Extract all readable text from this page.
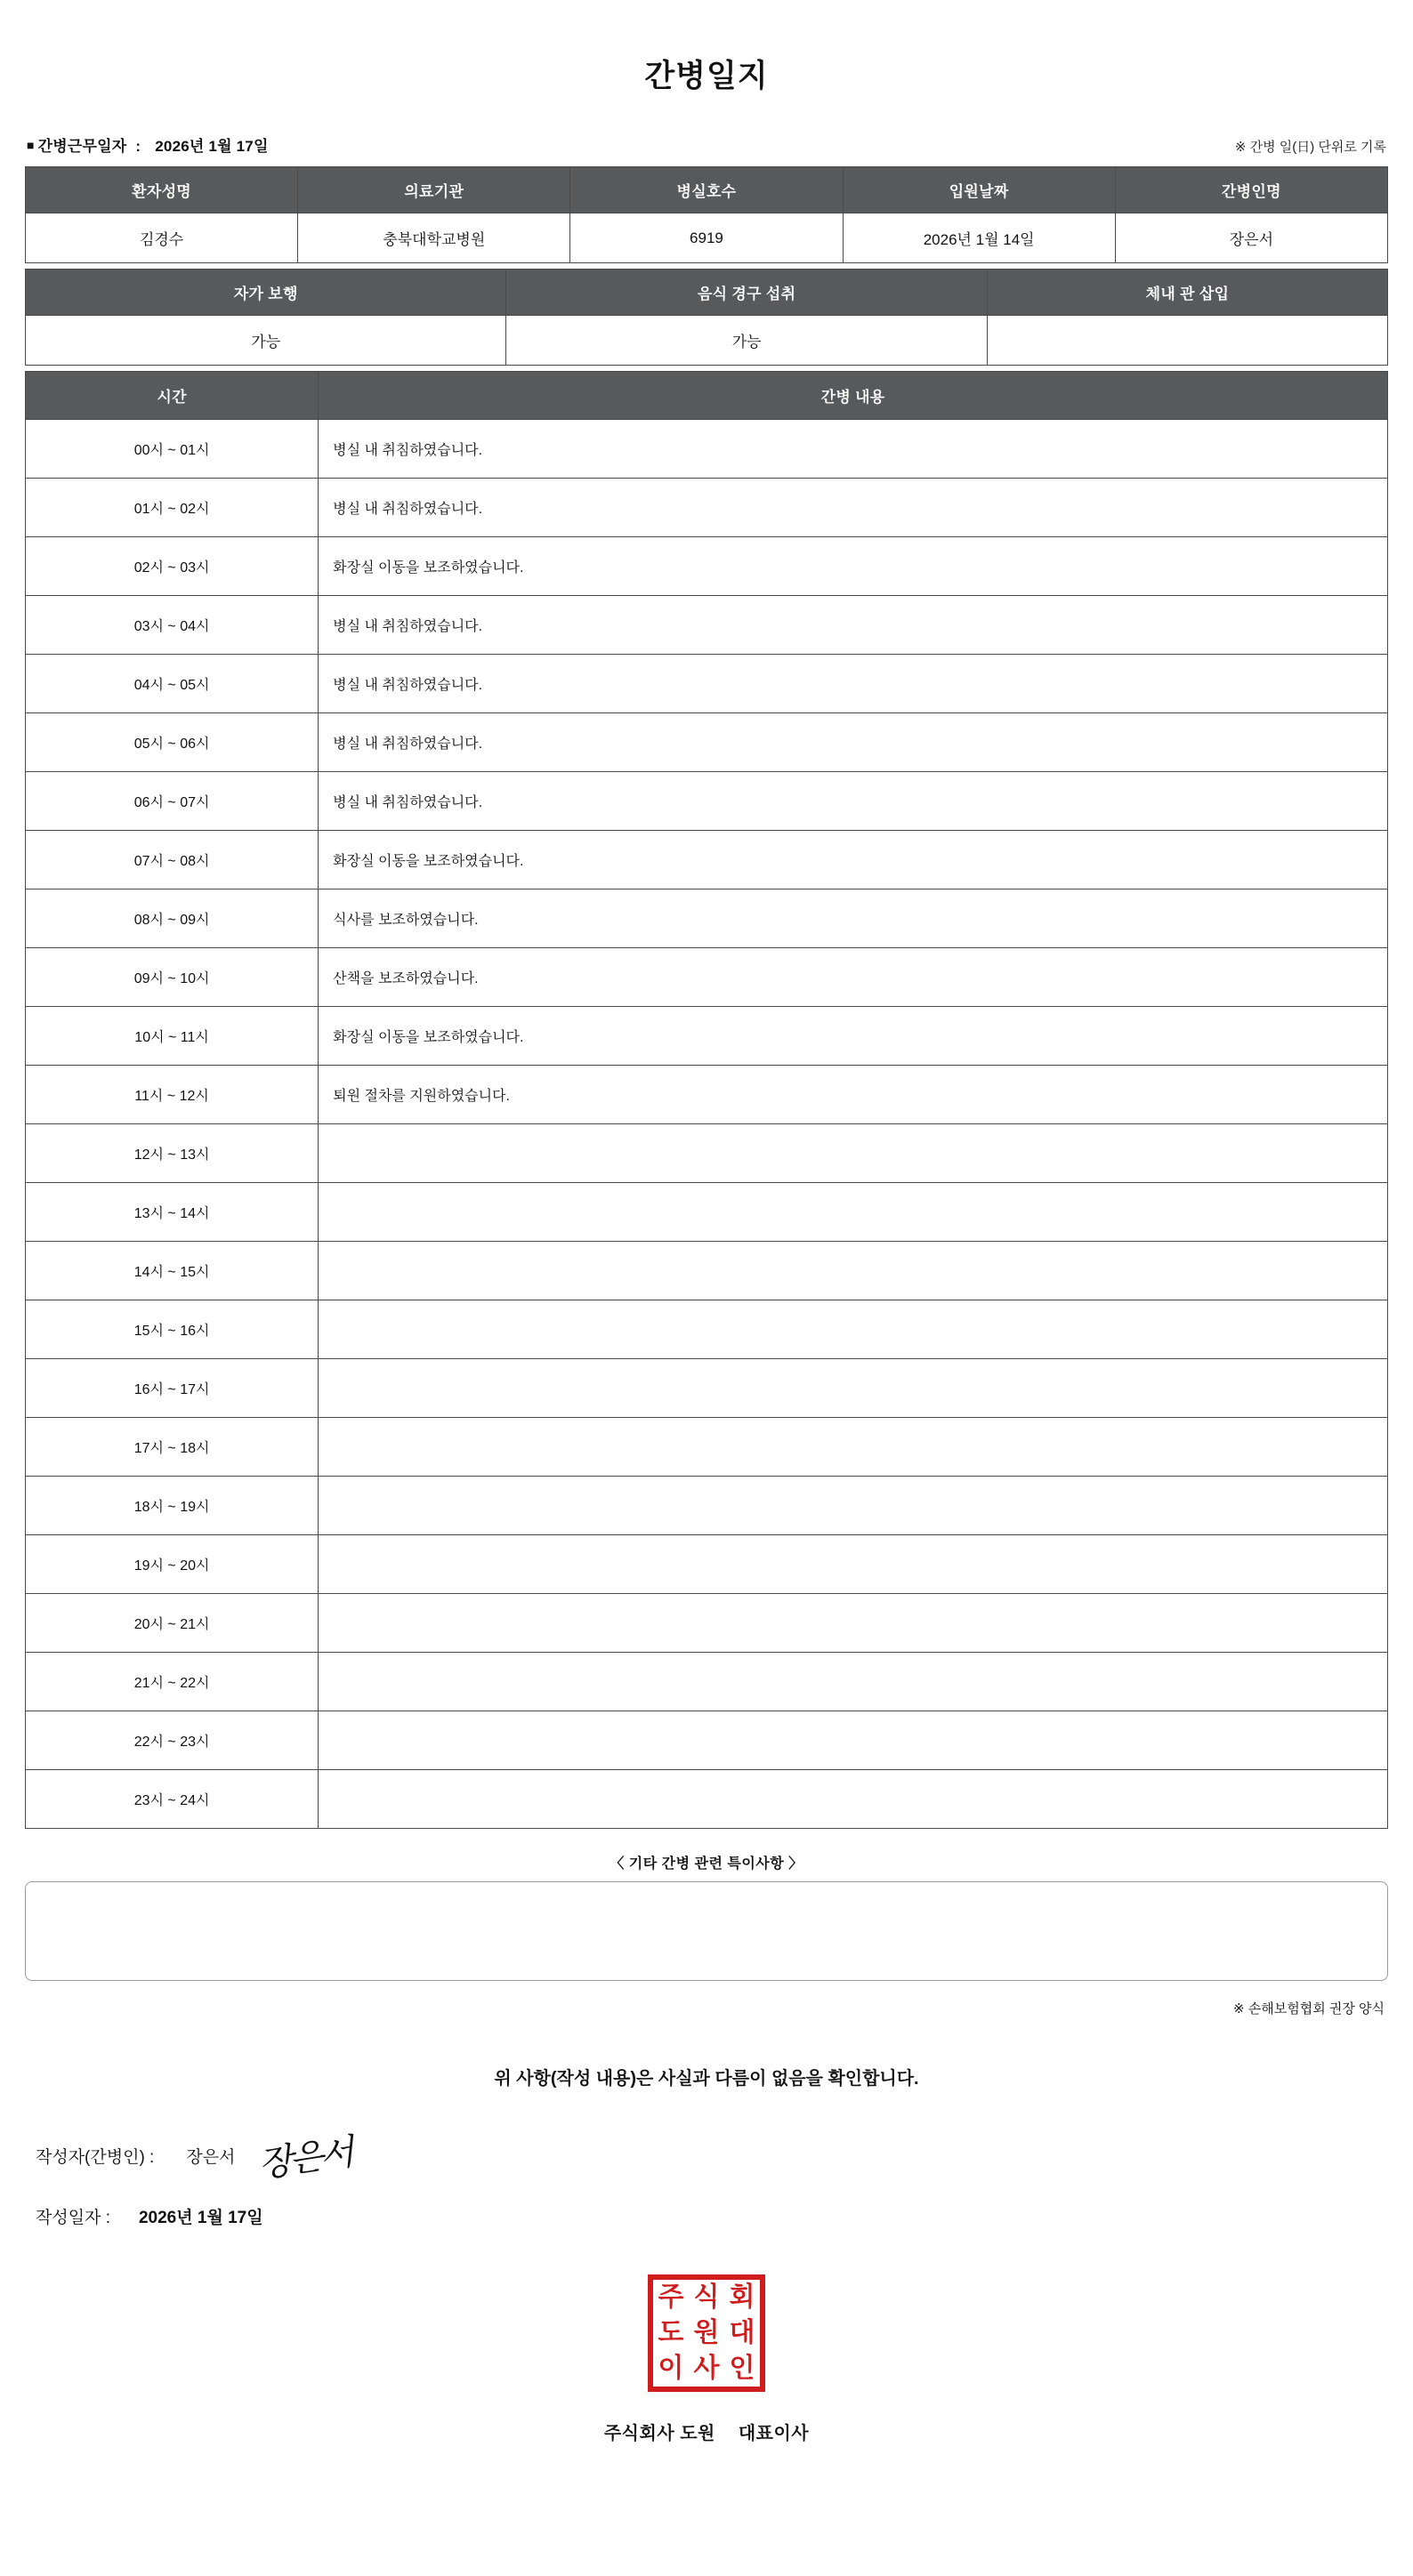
간병일지
■ 간병근무일자 : 2026년 1월 17일	※ 간병 일(日) 단위로 기록
환자성명	의료기관	병실호수	입원날짜	간병인명
김경수	충북대학교병원	6919	2026년 1월 14일	장은서
자가 보행	음식 경구 섭취	체내 관 삽입
가능	가능	
시간	간병 내용
00시 ~ 01시	병실 내 취침하였습니다.
01시 ~ 02시	병실 내 취침하였습니다.
02시 ~ 03시	화장실 이동을 보조하였습니다.
03시 ~ 04시	병실 내 취침하였습니다.
04시 ~ 05시	병실 내 취침하였습니다.
05시 ~ 06시	병실 내 취침하였습니다.
06시 ~ 07시	병실 내 취침하였습니다.
07시 ~ 08시	화장실 이동을 보조하였습니다.
08시 ~ 09시	식사를 보조하였습니다.
09시 ~ 10시	산책을 보조하였습니다.
10시 ~ 11시	화장실 이동을 보조하였습니다.
11시 ~ 12시	퇴원 절차를 지원하였습니다.
12시 ~ 13시	
13시 ~ 14시	
14시 ~ 15시	
15시 ~ 16시	
16시 ~ 17시	
17시 ~ 18시	
18시 ~ 19시	
19시 ~ 20시	
20시 ~ 21시	
21시 ~ 22시	
22시 ~ 23시	
23시 ~ 24시	
〈 기타 간병 관련 특이사항 〉
※ 손해보험협회 권장 양식
위 사항(작성 내용)은 사실과 다름이 없음을 확인합니다.
작성자(간병인) : 장은서 장은서
작성일자 : 2026년 1월 17일
주 식 회
도 원 대
이 사 인
주식회사 도원 대표이사
